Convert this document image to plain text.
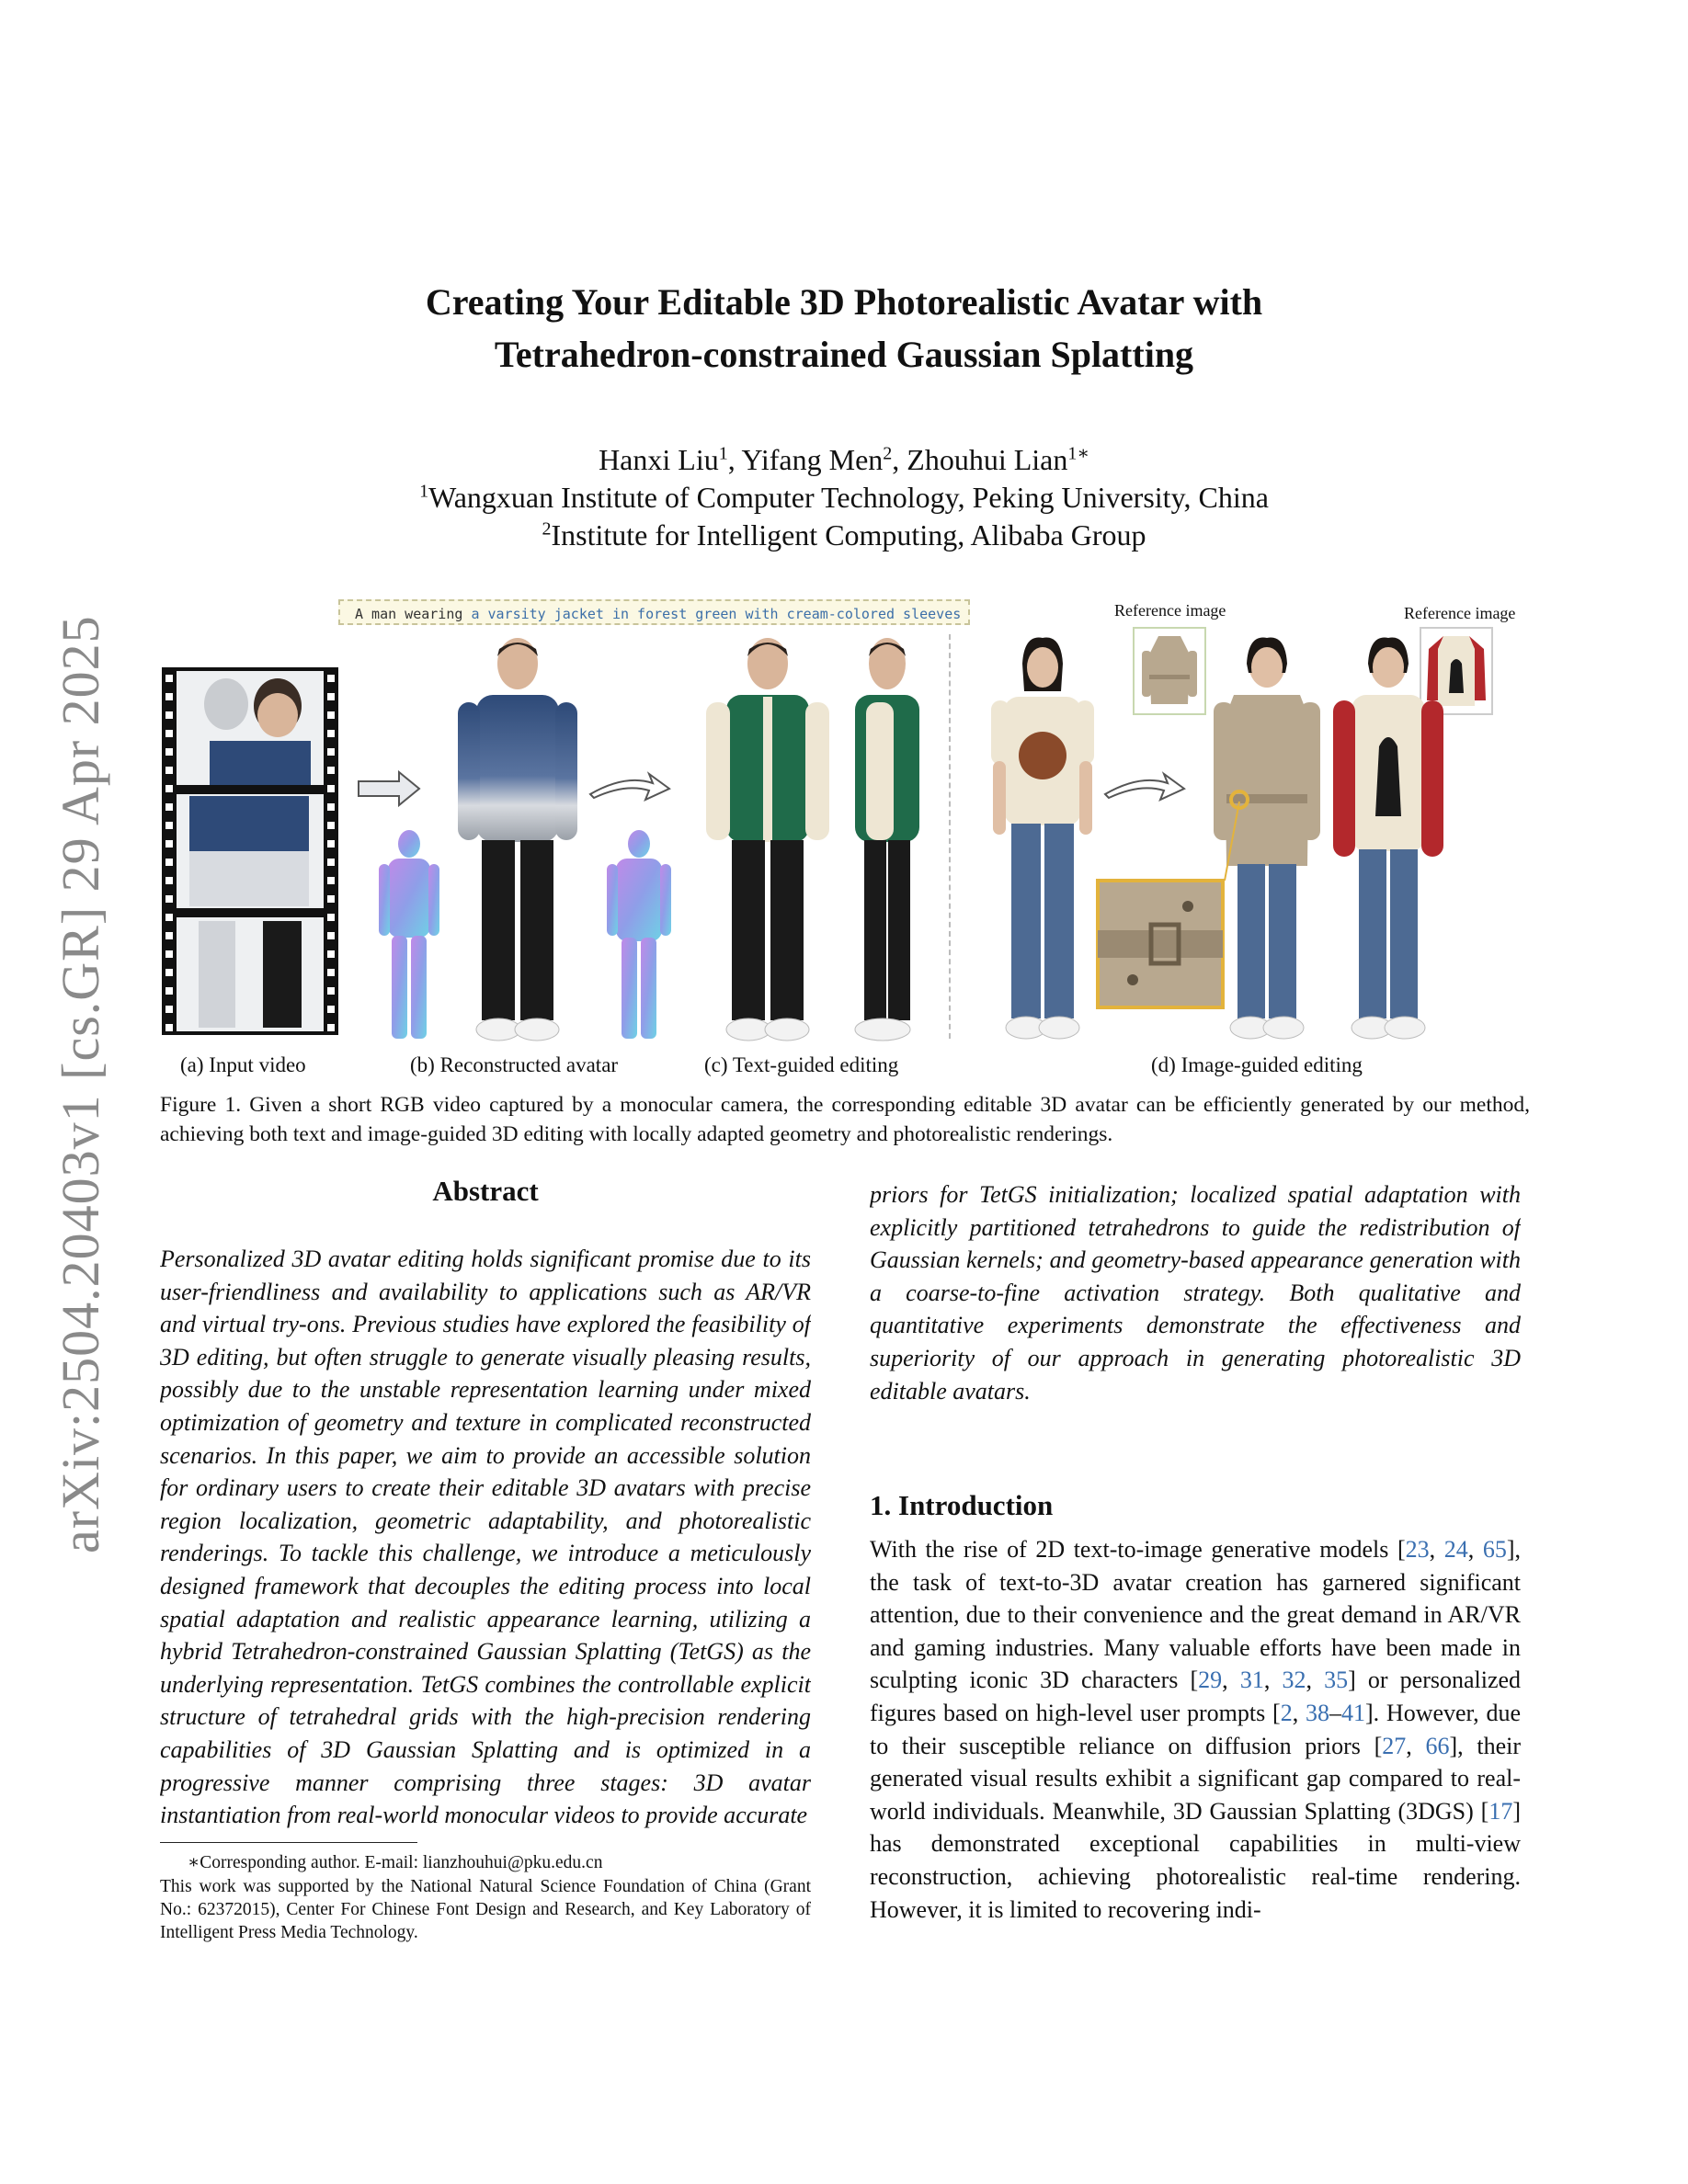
arXiv:2504.20403v1 [cs.GR] 29 Apr 2025
Creating Your Editable 3D Photorealistic Avatar with
Tetrahedron-constrained Gaussian Splatting
Hanxi Liu$^1$, Yifang Men$^2$, Zhouhui Lian$^{1∗}$
$^1$Wangxuan Institute of Computer Technology, Peking University, China
$^2$Institute for Intelligent Computing, Alibaba Group
A man wearing a varsity jacket in forest green with cream-colored sleeves	Reference image	Reference image
(a) Input video	(b) Reconstructed avatar	(c) Text-guided editing	(d) Image-guided editing
Figure 1. Given a short RGB video captured by a monocular camera, the corresponding editable 3D avatar can be efficiently generated by our method, achieving both text and image-guided 3D editing with locally adapted geometry and photorealistic renderings.
Abstract
Personalized 3D avatar editing holds significant promise due to its user-friendliness and availability to applications such as AR/VR and virtual try-ons. Previous studies have explored the feasibility of 3D editing, but often struggle to generate visually pleasing results, possibly due to the unstable representation learning under mixed optimization of geometry and texture in complicated reconstructed scenarios. In this paper, we aim to provide an accessible solution for ordinary users to create their editable 3D avatars with precise region localization, geometric adaptability, and photorealistic renderings. To tackle this challenge, we introduce a meticulously designed framework that decouples the editing process into local spatial adaptation and realistic appearance learning, utilizing a hybrid Tetrahedron-constrained Gaussian Splatting (TetGS) as the underlying representation. TetGS combines the controllable explicit structure of tetrahedral grids with the high-precision rendering capabilities of 3D Gaussian Splatting and is optimized in a progressive manner comprising three stages: 3D avatar instantiation from real-world monocular videos to provide accurate
priors for TetGS initialization; localized spatial adaptation with explicitly partitioned tetrahedrons to guide the redistribution of Gaussian kernels; and geometry-based appearance generation with a coarse-to-fine activation strategy. Both qualitative and quantitative experiments demonstrate the effectiveness and superiority of our approach in generating photorealistic 3D editable avatars.
∗Corresponding author. E-mail: lianzhouhui@pku.edu.cn
This work was supported by the National Natural Science Foundation of China (Grant No.: 62372015), Center For Chinese Font Design and Research, and Key Laboratory of Intelligent Press Media Technology.
1. Introduction
With the rise of 2D text-to-image generative models [23, 24, 65], the task of text-to-3D avatar creation has garnered significant attention, due to their convenience and the great demand in AR/VR and gaming industries. Many valuable efforts have been made in sculpting iconic 3D characters [29, 31, 32, 35] or personalized figures based on high-level user prompts [2, 38–41]. However, due to their susceptible reliance on diffusion priors [27, 66], their generated visual results exhibit a significant gap compared to real-world individuals. Meanwhile, 3D Gaussian Splatting (3DGS) [17] has demonstrated exceptional capabilities in multi-view reconstruction, achieving photorealistic real-time rendering. However, it is limited to recovering indi-
